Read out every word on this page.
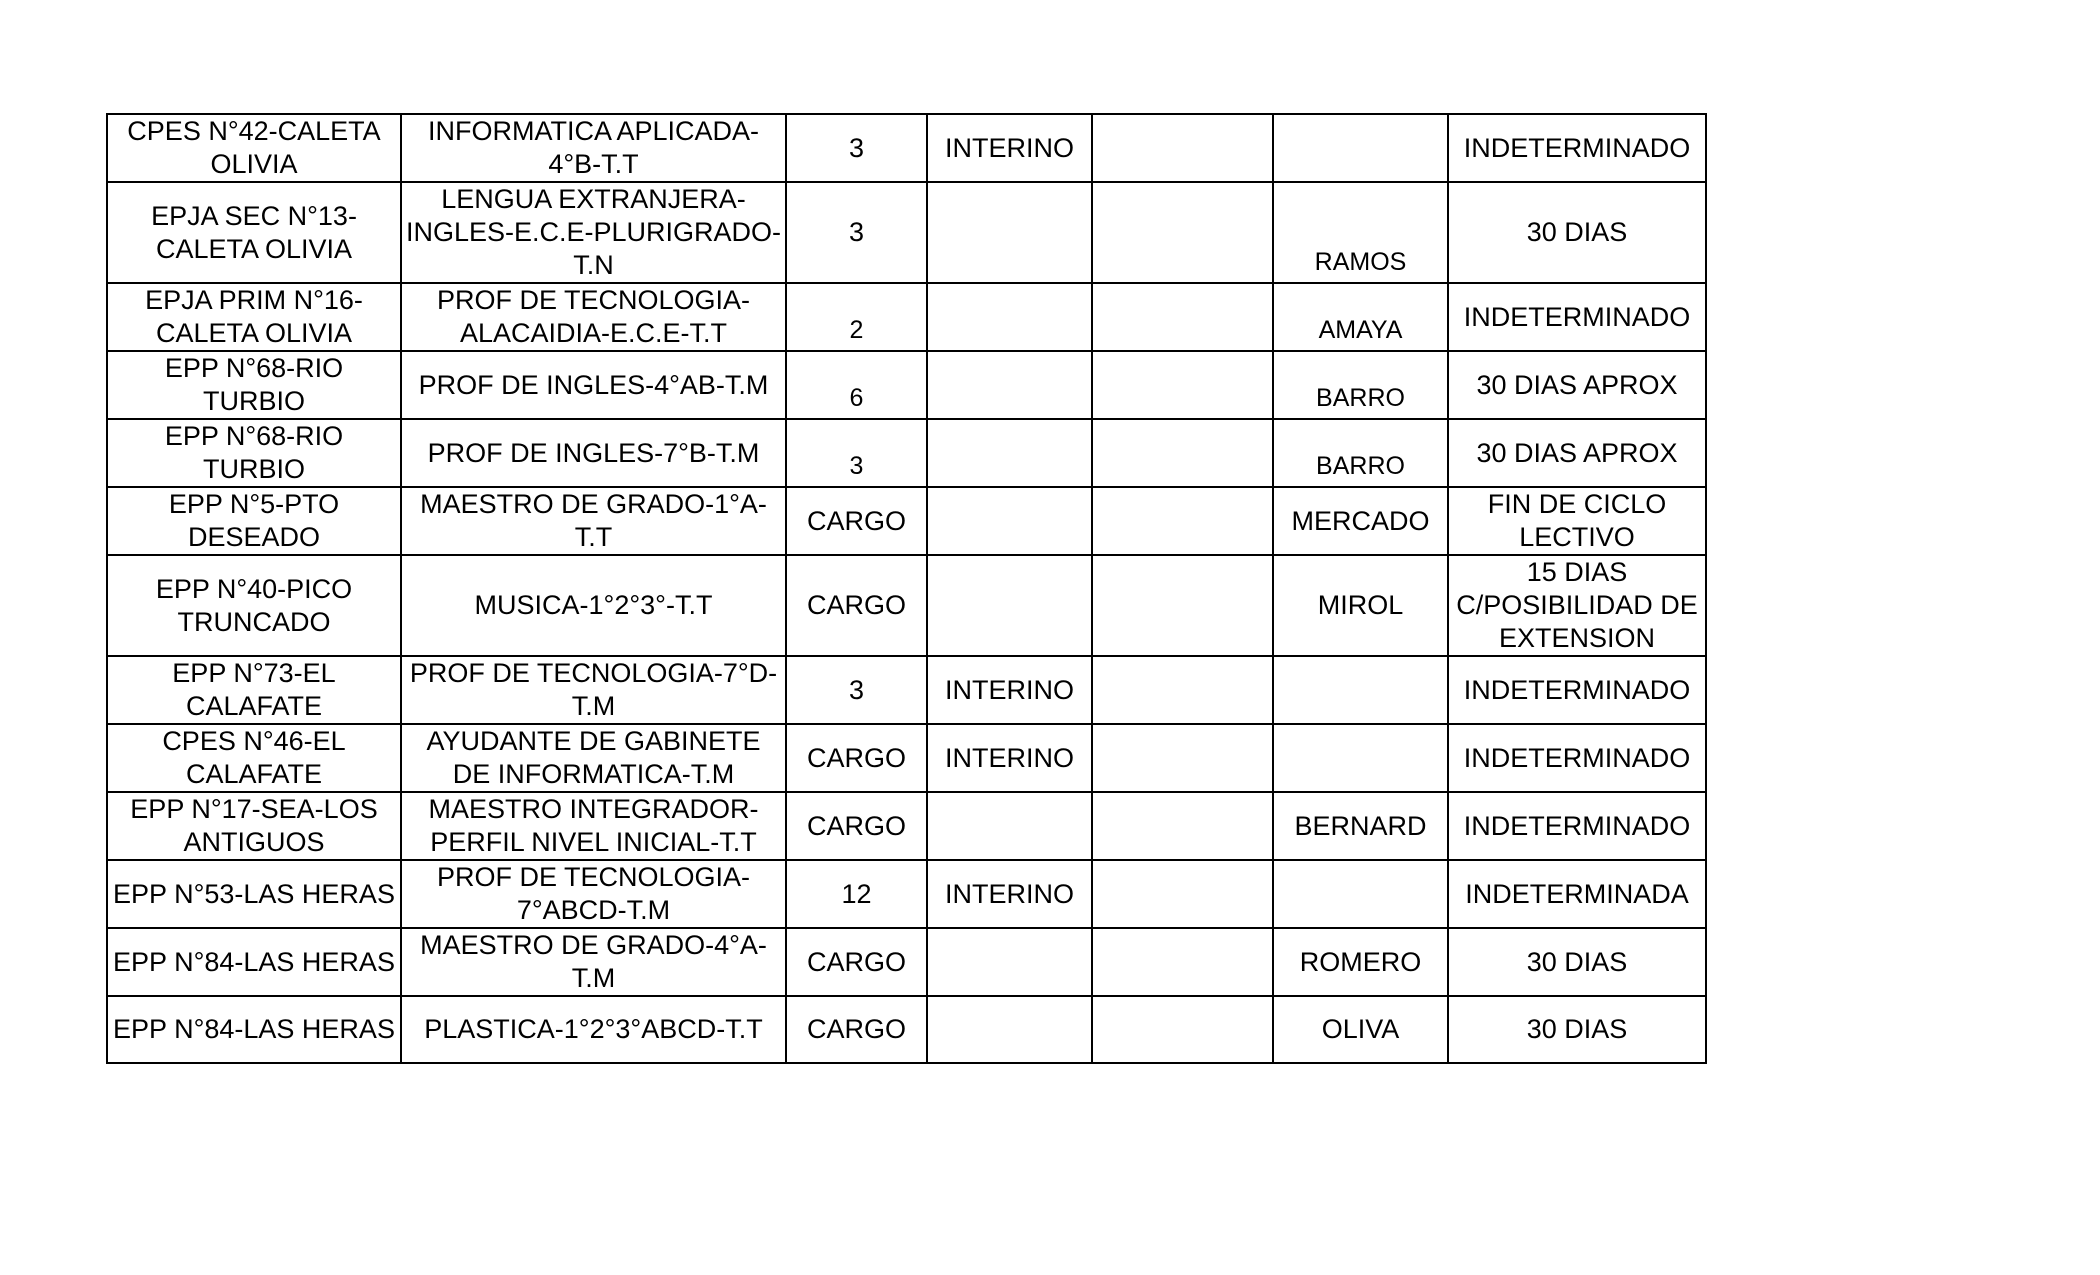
CPES N°42-CALETA OLIVIA	INFORMATICA APLICADA-4°B-T.T	3	INTERINO			INDETERMINADO
EPJA SEC N°13-CALETA OLIVIA	LENGUA EXTRANJERA-INGLES-E.C.E-PLURIGRADO-T.N	3			RAMOS	30 DIAS
EPJA PRIM N°16-CALETA OLIVIA	PROF DE TECNOLOGIA-ALACAIDIA-E.C.E-T.T	2			AMAYA	INDETERMINADO
EPP N°68-RIO TURBIO	PROF DE INGLES-4°AB-T.M	6			BARRO	30 DIAS APROX
EPP N°68-RIO TURBIO	PROF DE INGLES-7°B-T.M	3			BARRO	30 DIAS APROX
EPP N°5-PTO DESEADO	MAESTRO DE GRADO-1°A-T.T	CARGO			MERCADO	FIN DE CICLO LECTIVO
EPP N°40-PICO TRUNCADO	MUSICA-1°2°3°-T.T	CARGO			MIROL	15 DIAS C/POSIBILIDAD DE EXTENSION
EPP N°73-EL CALAFATE	PROF DE TECNOLOGIA-7°D-T.M	3	INTERINO			INDETERMINADO
CPES N°46-EL CALAFATE	AYUDANTE DE GABINETE DE INFORMATICA-T.M	CARGO	INTERINO			INDETERMINADO
EPP N°17-SEA-LOS ANTIGUOS	MAESTRO INTEGRADOR-PERFIL NIVEL INICIAL-T.T	CARGO			BERNARD	INDETERMINADO
EPP N°53-LAS HERAS	PROF DE TECNOLOGIA-7°ABCD-T.M	12	INTERINO			INDETERMINADA
EPP N°84-LAS HERAS	MAESTRO DE GRADO-4°A-T.M	CARGO			ROMERO	30 DIAS
EPP N°84-LAS HERAS	PLASTICA-1°2°3°ABCD-T.T	CARGO			OLIVA	30 DIAS
